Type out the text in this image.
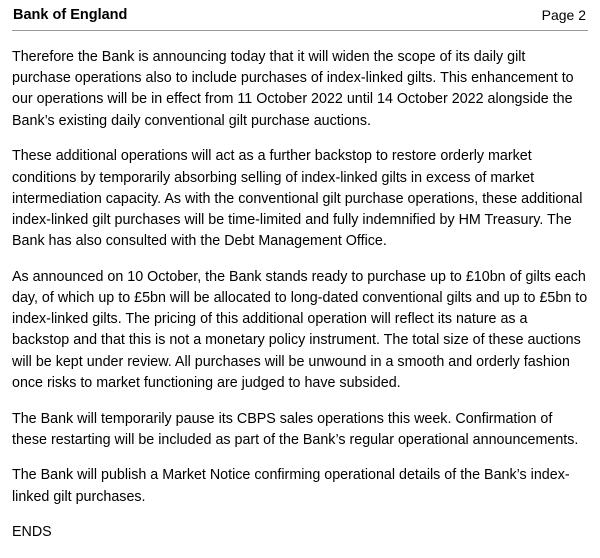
Bank of England	Page 2

Therefore the Bank is announcing today that it will widen the scope of its daily gilt purchase operations also to include purchases of index-linked gilts. This enhancement to our operations will be in effect from 11 October 2022 until 14 October 2022 alongside the Bank’s existing daily conventional gilt purchase auctions.

These additional operations will act as a further backstop to restore orderly market conditions by temporarily absorbing selling of index-linked gilts in excess of market intermediation capacity. As with the conventional gilt purchase operations, these additional index-linked gilt purchases will be time-limited and fully indemnified by HM Treasury. The Bank has also consulted with the Debt Management Office.

As announced on 10 October, the Bank stands ready to purchase up to £10bn of gilts each day, of which up to £5bn will be allocated to long-dated conventional gilts and up to £5bn to index-linked gilts. The pricing of this additional operation will reflect its nature as a backstop and that this is not a monetary policy instrument. The total size of these auctions will be kept under review. All purchases will be unwound in a smooth and orderly fashion once risks to market functioning are judged to have subsided.

The Bank will temporarily pause its CBPS sales operations this week. Confirmation of these restarting will be included as part of the Bank’s regular operational announcements.

The Bank will publish a Market Notice confirming operational details of the Bank’s index-linked gilt purchases.

ENDS
